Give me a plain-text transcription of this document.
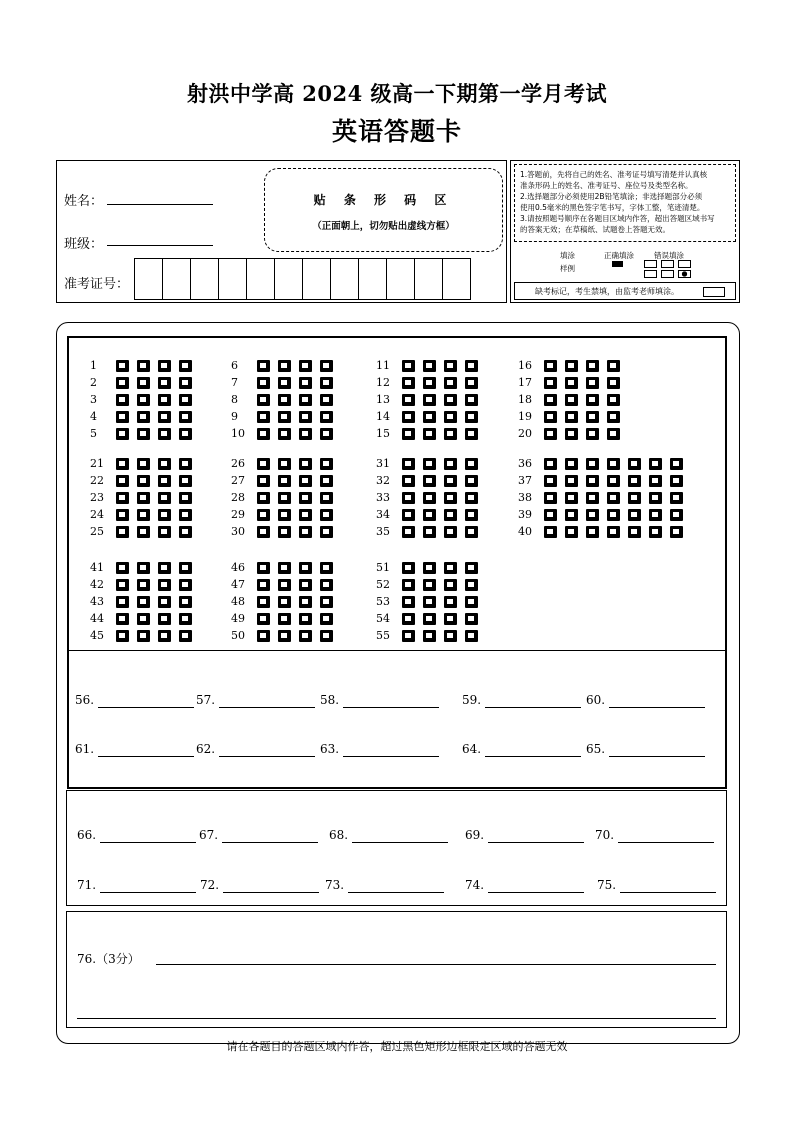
射洪中学高 2024 级高一下期第一学月考试
英语答题卡
姓名：
班级：
准考证号：
贴 条 形 码 区
（正面朝上，切勿贴出虚线方框）
1.答题前，先将自己的姓名、准考证号填写清楚并认真核
准条形码上的姓名、准考证号、座位号及类型名称。
2.选择题部分必须使用2B铅笔填涂；非选择题部分必须
使用0.5毫米的黑色签字笔书写，字体工整，笔迹清楚。
3.请按照题号顺序在各题目区域内作答，超出答题区域书写
的答案无效；在草稿纸、试题卷上答题无效。
填涂
样例
正确填涂	错误填涂
缺考标记，考生禁填，由监考老师填涂。
1
2
3
4
5
6
7
8
9
10
11
12
13
14
15
16
17
18
19
20
21
22
23
24
25
26
27
28
29
30
31
32
33
34
35
36
37
38
39
40
41
42
43
44
45
46
47
48
49
50
51
52
53
54
55
56.	57.	58.	59.	60.
61.	62.	63.	64.	65.
66.	67.	68.	69.	70.
71.	72.	73.	74.	75.
76.（3分）
请在各题目的答题区域内作答，超过黑色矩形边框限定区域的答题无效
